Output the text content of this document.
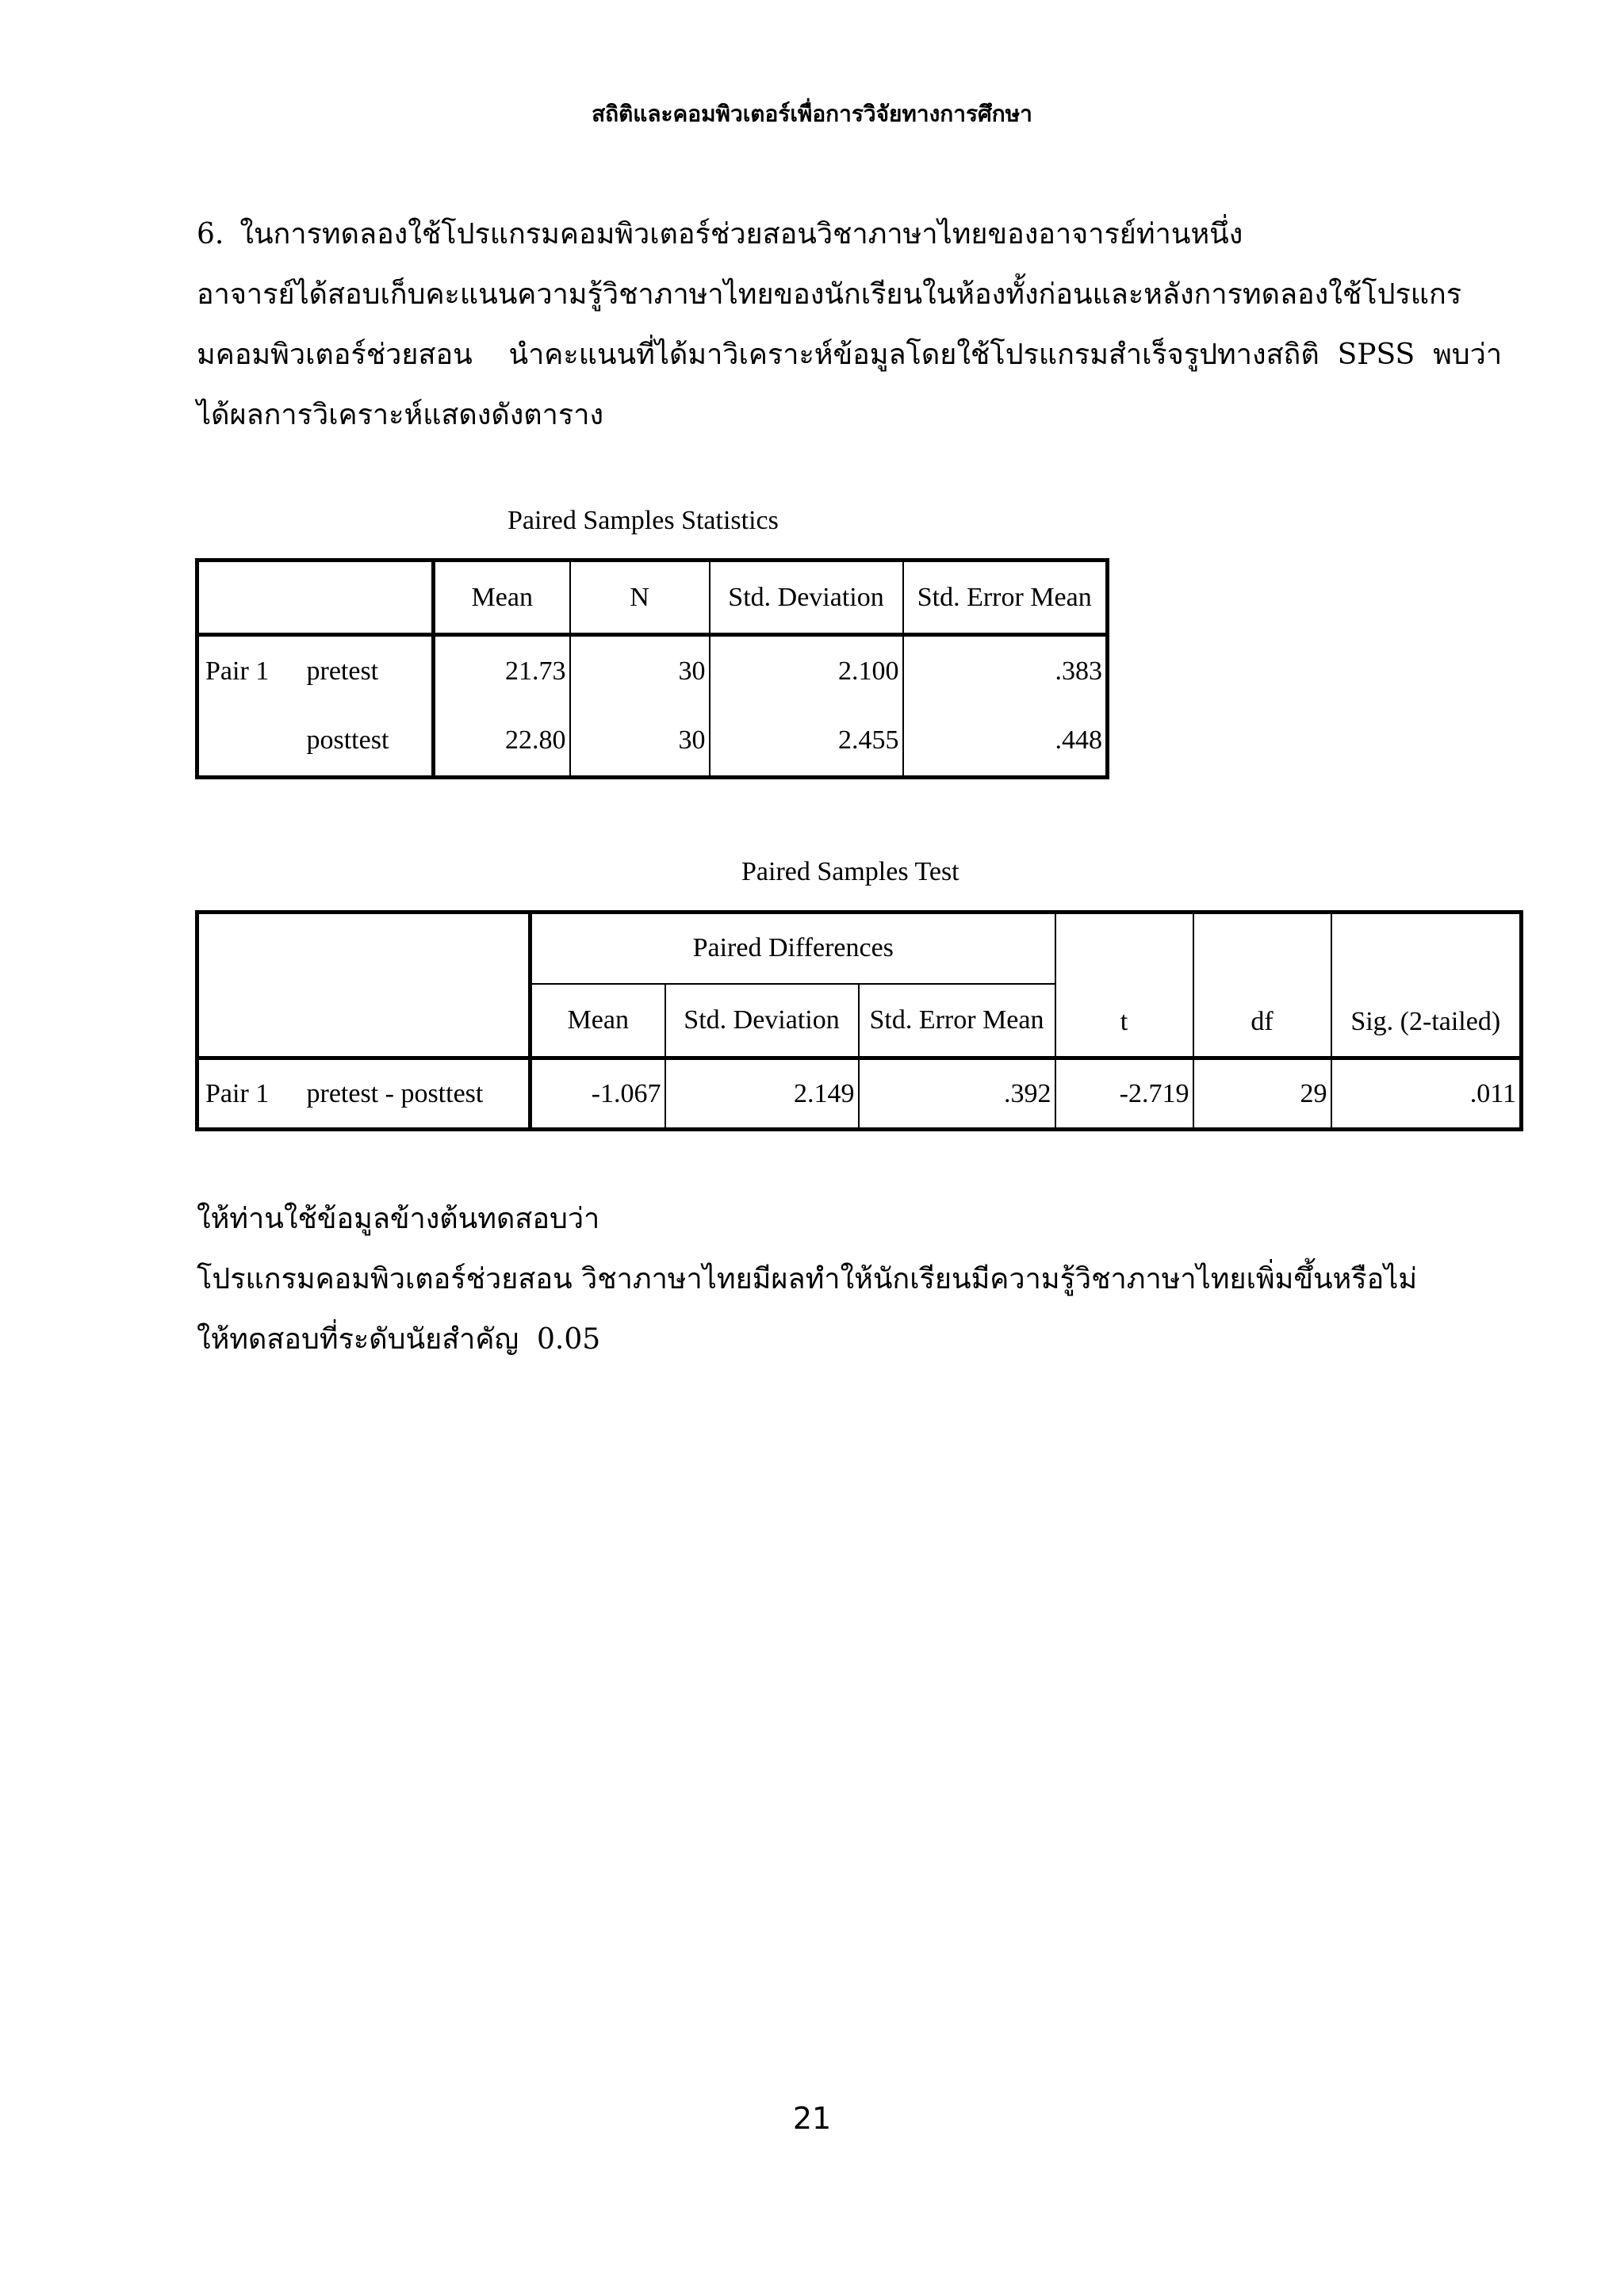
สถิติและคอมพิวเตอร์เพื่อการวิจัยทางการศึกษา

6. ในการทดลองใช้โปรแกรมคอมพิวเตอร์ช่วยสอนวิชาภาษาไทยของอาจารย์ท่านหนึ่ง

อาจารย์ได้สอบเก็บคะแนนความรู้วิชาภาษาไทยของนักเรียนในห้องทั้งก่อนและหลังการทดลองใช้โปรแกร

มคอมพิวเตอร์ช่วยสอน    นำคะแนนที่ได้มาวิเคราะห์ข้อมูลโดยใช้โปรแกรมสำเร็จรูปทางสถิติ  SPSS  พบว่า

ได้ผลการวิเคราะห์แสดงดังตาราง

Paired Samples Statistics
		Mean	N	Std. Deviation	Std. Error Mean
Pair 1	pretest	21.73	30	2.100	.383
	posttest	22.80	30	2.455	.448
Paired Samples Test
		Paired Differences			t	df	Sig. (2-tailed)
		Mean	Std. Deviation	Std. Error Mean			
Pair 1	pretest - posttest	-1.067	2.149	.392	-2.719	29	.011

ให้ท่านใช้ข้อมูลข้างต้นทดสอบว่า

โปรแกรมคอมพิวเตอร์ช่วยสอน วิชาภาษาไทยมีผลทำให้นักเรียนมีความรู้วิชาภาษาไทยเพิ่มขึ้นหรือไม่

ให้ทดสอบที่ระดับนัยสำคัญ  0.05

21
